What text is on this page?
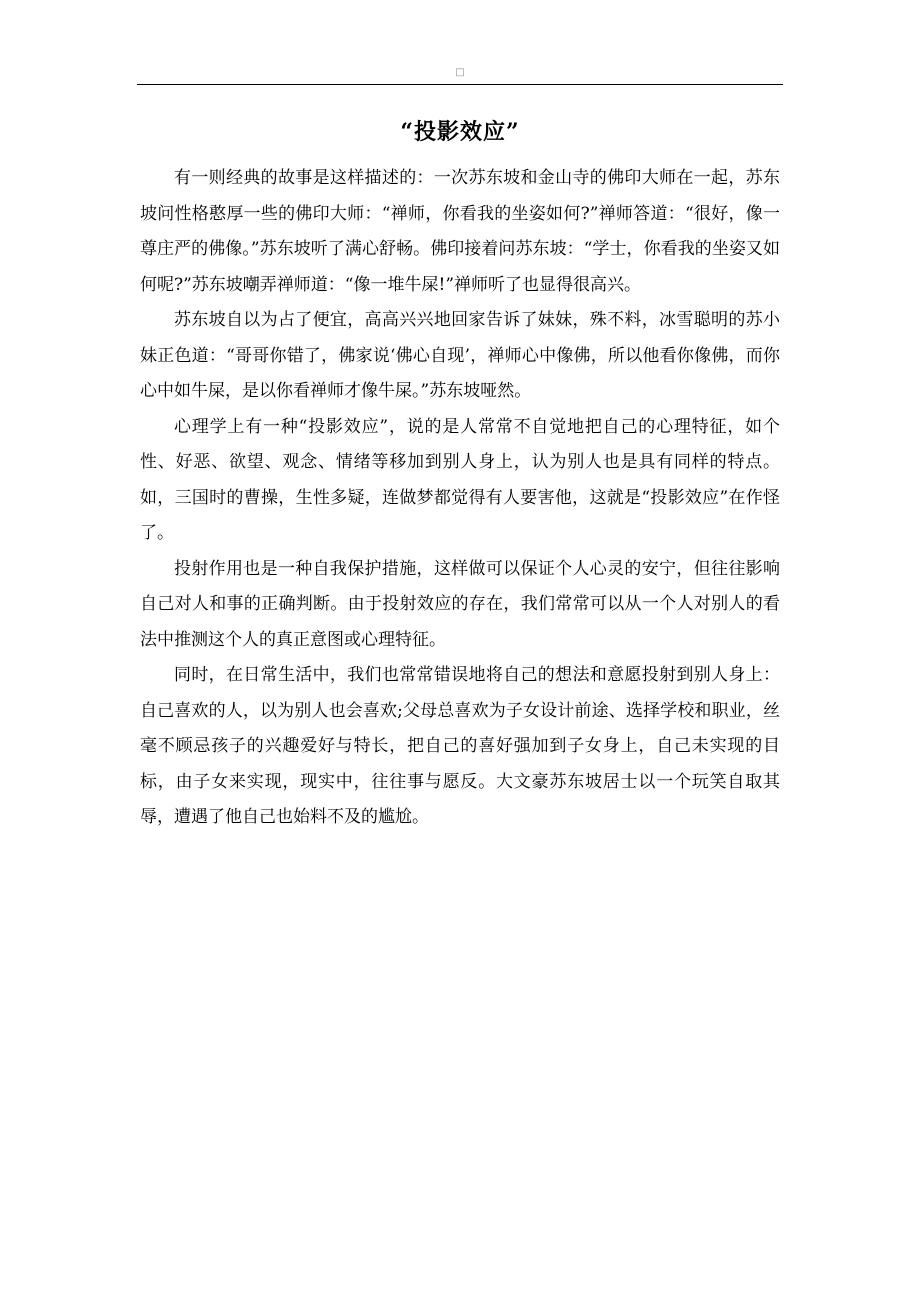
□
“投影效应”

有一则经典的故事是这样描述的：一次苏东坡和金山寺的佛印大师在一起，苏东坡问性格憨厚一些的佛印大师：“禅师，你看我的坐姿如何?”禅师答道：“很好，像一尊庄严的佛像。”苏东坡听了满心舒畅。佛印接着问苏东坡：“学士，你看我的坐姿又如何呢?”苏东坡嘲弄禅师道：“像一堆牛屎!”禅师听了也显得很高兴。

苏东坡自以为占了便宜，高高兴兴地回家告诉了妹妹，殊不料，冰雪聪明的苏小妹正色道：“哥哥你错了，佛家说‘佛心自现’，禅师心中像佛，所以他看你像佛，而你心中如牛屎，是以你看禅师才像牛屎。”苏东坡哑然。

心理学上有一种“投影效应”，说的是人常常不自觉地把自己的心理特征，如个性、好恶、欲望、观念、情绪等移加到别人身上，认为别人也是具有同样的特点。如，三国时的曹操，生性多疑，连做梦都觉得有人要害他，这就是“投影效应”在作怪了。

投射作用也是一种自我保护措施，这样做可以保证个人心灵的安宁，但往往影响自己对人和事的正确判断。由于投射效应的存在，我们常常可以从一个人对别人的看法中推测这个人的真正意图或心理特征。

同时，在日常生活中，我们也常常错误地将自己的想法和意愿投射到别人身上：自己喜欢的人，以为别人也会喜欢;父母总喜欢为子女设计前途、选择学校和职业，丝毫不顾忌孩子的兴趣爱好与特长，把自己的喜好强加到子女身上，自己未实现的目标，由子女来实现，现实中，往往事与愿反。大文豪苏东坡居士以一个玩笑自取其辱，遭遇了他自己也始料不及的尴尬。
